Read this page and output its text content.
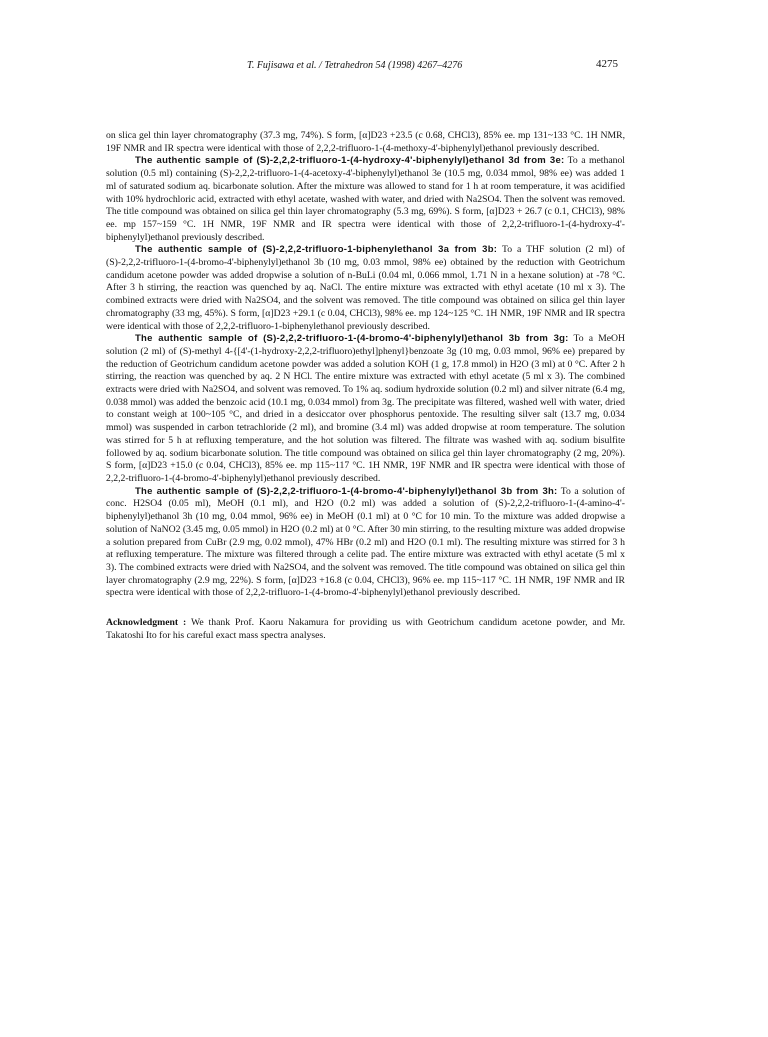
T. Fujisawa et al. / Tetrahedron 54 (1998) 4267–4276	4275

on slica gel thin layer chromatography (37.3 mg, 74%). S form, [α]D23 +23.5 (c 0.68, CHCl3), 85% ee. mp 131~133 °C. 1H NMR, 19F NMR and IR spectra were identical with those of 2,2,2-trifluoro-1-(4-methoxy-4'-biphenylyl)ethanol previously described.

The authentic sample of (S)-2,2,2-trifluoro-1-(4-hydroxy-4'-biphenylyl)ethanol 3d from 3e: To a methanol solution (0.5 ml) containing (S)-2,2,2-trifluoro-1-(4-acetoxy-4'-biphenylyl)ethanol 3e (10.5 mg, 0.034 mmol, 98% ee) was added 1 ml of saturated sodium aq. bicarbonate solution. After the mixture was allowed to stand for 1 h at room temperature, it was acidified with 10% hydrochloric acid, extracted with ethyl acetate, washed with water, and dried with Na2SO4. Then the solvent was removed. The title compound was obtained on silica gel thin layer chromatography (5.3 mg, 69%). S form, [α]D23 + 26.7 (c 0.1, CHCl3), 98% ee. mp 157~159 °C. 1H NMR, 19F NMR and IR spectra were identical with those of 2,2,2-trifluoro-1-(4-hydroxy-4'-biphenylyl)ethanol previously described.

The authentic sample of (S)-2,2,2-trifluoro-1-biphenylethanol 3a from 3b: To a THF solution (2 ml) of (S)-2,2,2-trifluoro-1-(4-bromo-4'-biphenylyl)ethanol 3b (10 mg, 0.03 mmol, 98% ee) obtained by the reduction with Geotrichum candidum acetone powder was added dropwise a solution of n-BuLi (0.04 ml, 0.066 mmol, 1.71 N in a hexane solution) at -78 °C. After 3 h stirring, the reaction was quenched by aq. NaCl. The entire mixture was extracted with ethyl acetate (10 ml x 3). The combined extracts were dried with Na2SO4, and the solvent was removed. The title compound was obtained on silica gel thin layer chromatography (33 mg, 45%). S form, [α]D23 +29.1 (c 0.04, CHCl3), 98% ee. mp 124~125 °C. 1H NMR, 19F NMR and IR spectra were identical with those of 2,2,2-trifluoro-1-biphenylethanol previously described.

The authentic sample of (S)-2,2,2-trifluoro-1-(4-bromo-4'-biphenylyl)ethanol 3b from 3g: To a MeOH solution (2 ml) of (S)-methyl 4-{[4'-(1-hydroxy-2,2,2-trifluoro)ethyl]phenyl}benzoate 3g (10 mg, 0.03 mmol, 96% ee) prepared by the reduction of Geotrichum candidum acetone powder was added a solution KOH (1 g, 17.8 mmol) in H2O (3 ml) at 0 °C. After 2 h stirring, the reaction was quenched by aq. 2 N HCl. The entire mixture was extracted with ethyl acetate (5 ml x 3). The combined extracts were dried with Na2SO4, and solvent was removed. To 1% aq. sodium hydroxide solution (0.2 ml) and silver nitrate (6.4 mg, 0.038 mmol) was added the benzoic acid (10.1 mg, 0.034 mmol) from 3g. The precipitate was filtered, washed well with water, dried to constant weigh at 100~105 °C, and dried in a desiccator over phosphorus pentoxide. The resulting silver salt (13.7 mg, 0.034 mmol) was suspended in carbon tetrachloride (2 ml), and bromine (3.4 ml) was added dropwise at room temperature. The solution was stirred for 5 h at refluxing temperature, and the hot solution was filtered. The filtrate was washed with aq. sodium bisulfite followed by aq. sodium bicarbonate solution. The title compound was obtained on silica gel thin layer chromatography (2 mg, 20%). S form, [α]D23 +15.0 (c 0.04, CHCl3), 85% ee. mp 115~117 °C. 1H NMR, 19F NMR and IR spectra were identical with those of 2,2,2-trifluoro-1-(4-bromo-4'-biphenylyl)ethanol previously described.

The authentic sample of (S)-2,2,2-trifluoro-1-(4-bromo-4'-biphenylyl)ethanol 3b from 3h: To a solution of conc. H2SO4 (0.05 ml), MeOH (0.1 ml), and H2O (0.2 ml) was added a solution of (S)-2,2,2-trifluoro-1-(4-amino-4'-biphenylyl)ethanol 3h (10 mg, 0.04 mmol, 96% ee) in MeOH (0.1 ml) at 0 °C for 10 min. To the mixture was added dropwise a solution of NaNO2 (3.45 mg, 0.05 mmol) in H2O (0.2 ml) at 0 °C. After 30 min stirring, to the resulting mixture was added dropwise a solution prepared from CuBr (2.9 mg, 0.02 mmol), 47% HBr (0.2 ml) and H2O (0.1 ml). The resulting mixture was stirred for 3 h at refluxing temperature. The mixture was filtered through a celite pad. The entire mixture was extracted with ethyl acetate (5 ml x 3). The combined extracts were dried with Na2SO4, and the solvent was removed. The title compound was obtained on silica gel thin layer chromatography (2.9 mg, 22%). S form, [α]D23 +16.8 (c 0.04, CHCl3), 96% ee. mp 115~117 °C. 1H NMR, 19F NMR and IR spectra were identical with those of 2,2,2-trifluoro-1-(4-bromo-4'-biphenylyl)ethanol previously described.

Acknowledgment : We thank Prof. Kaoru Nakamura for providing us with Geotrichum candidum acetone powder, and Mr. Takatoshi Ito for his careful exact mass spectra analyses.
